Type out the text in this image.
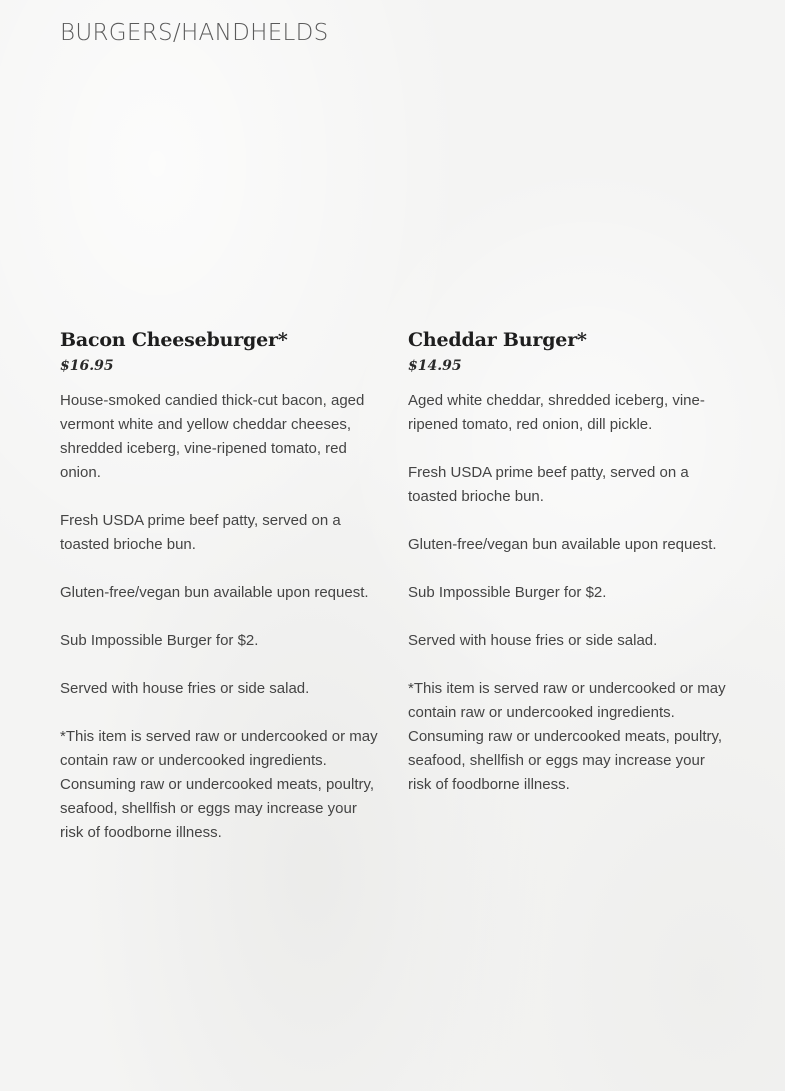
BURGERS/HANDHELDS
Bacon Cheeseburger*
$16.95

House-smoked candied thick-cut bacon, aged vermont white and yellow cheddar cheeses, shredded iceberg, vine-ripened tomato, red onion.

Fresh USDA prime beef patty, served on a toasted brioche bun.

Gluten-free/vegan bun available upon request.

Sub Impossible Burger for $2.

Served with house fries or side salad.

*This item is served raw or undercooked or may contain raw or undercooked ingredients. Consuming raw or undercooked meats, poultry, seafood, shellfish or eggs may increase your risk of foodborne illness.

Cheddar Burger*
$14.95

Aged white cheddar, shredded iceberg, vine-ripened tomato, red onion, dill pickle.

Fresh USDA prime beef patty, served on a toasted brioche bun.

Gluten-free/vegan bun available upon request.

Sub Impossible Burger for $2.

Served with house fries or side salad.

*This item is served raw or undercooked or may contain raw or undercooked ingredients. Consuming raw or undercooked meats, poultry, seafood, shellfish or eggs may increase your risk of foodborne illness.
